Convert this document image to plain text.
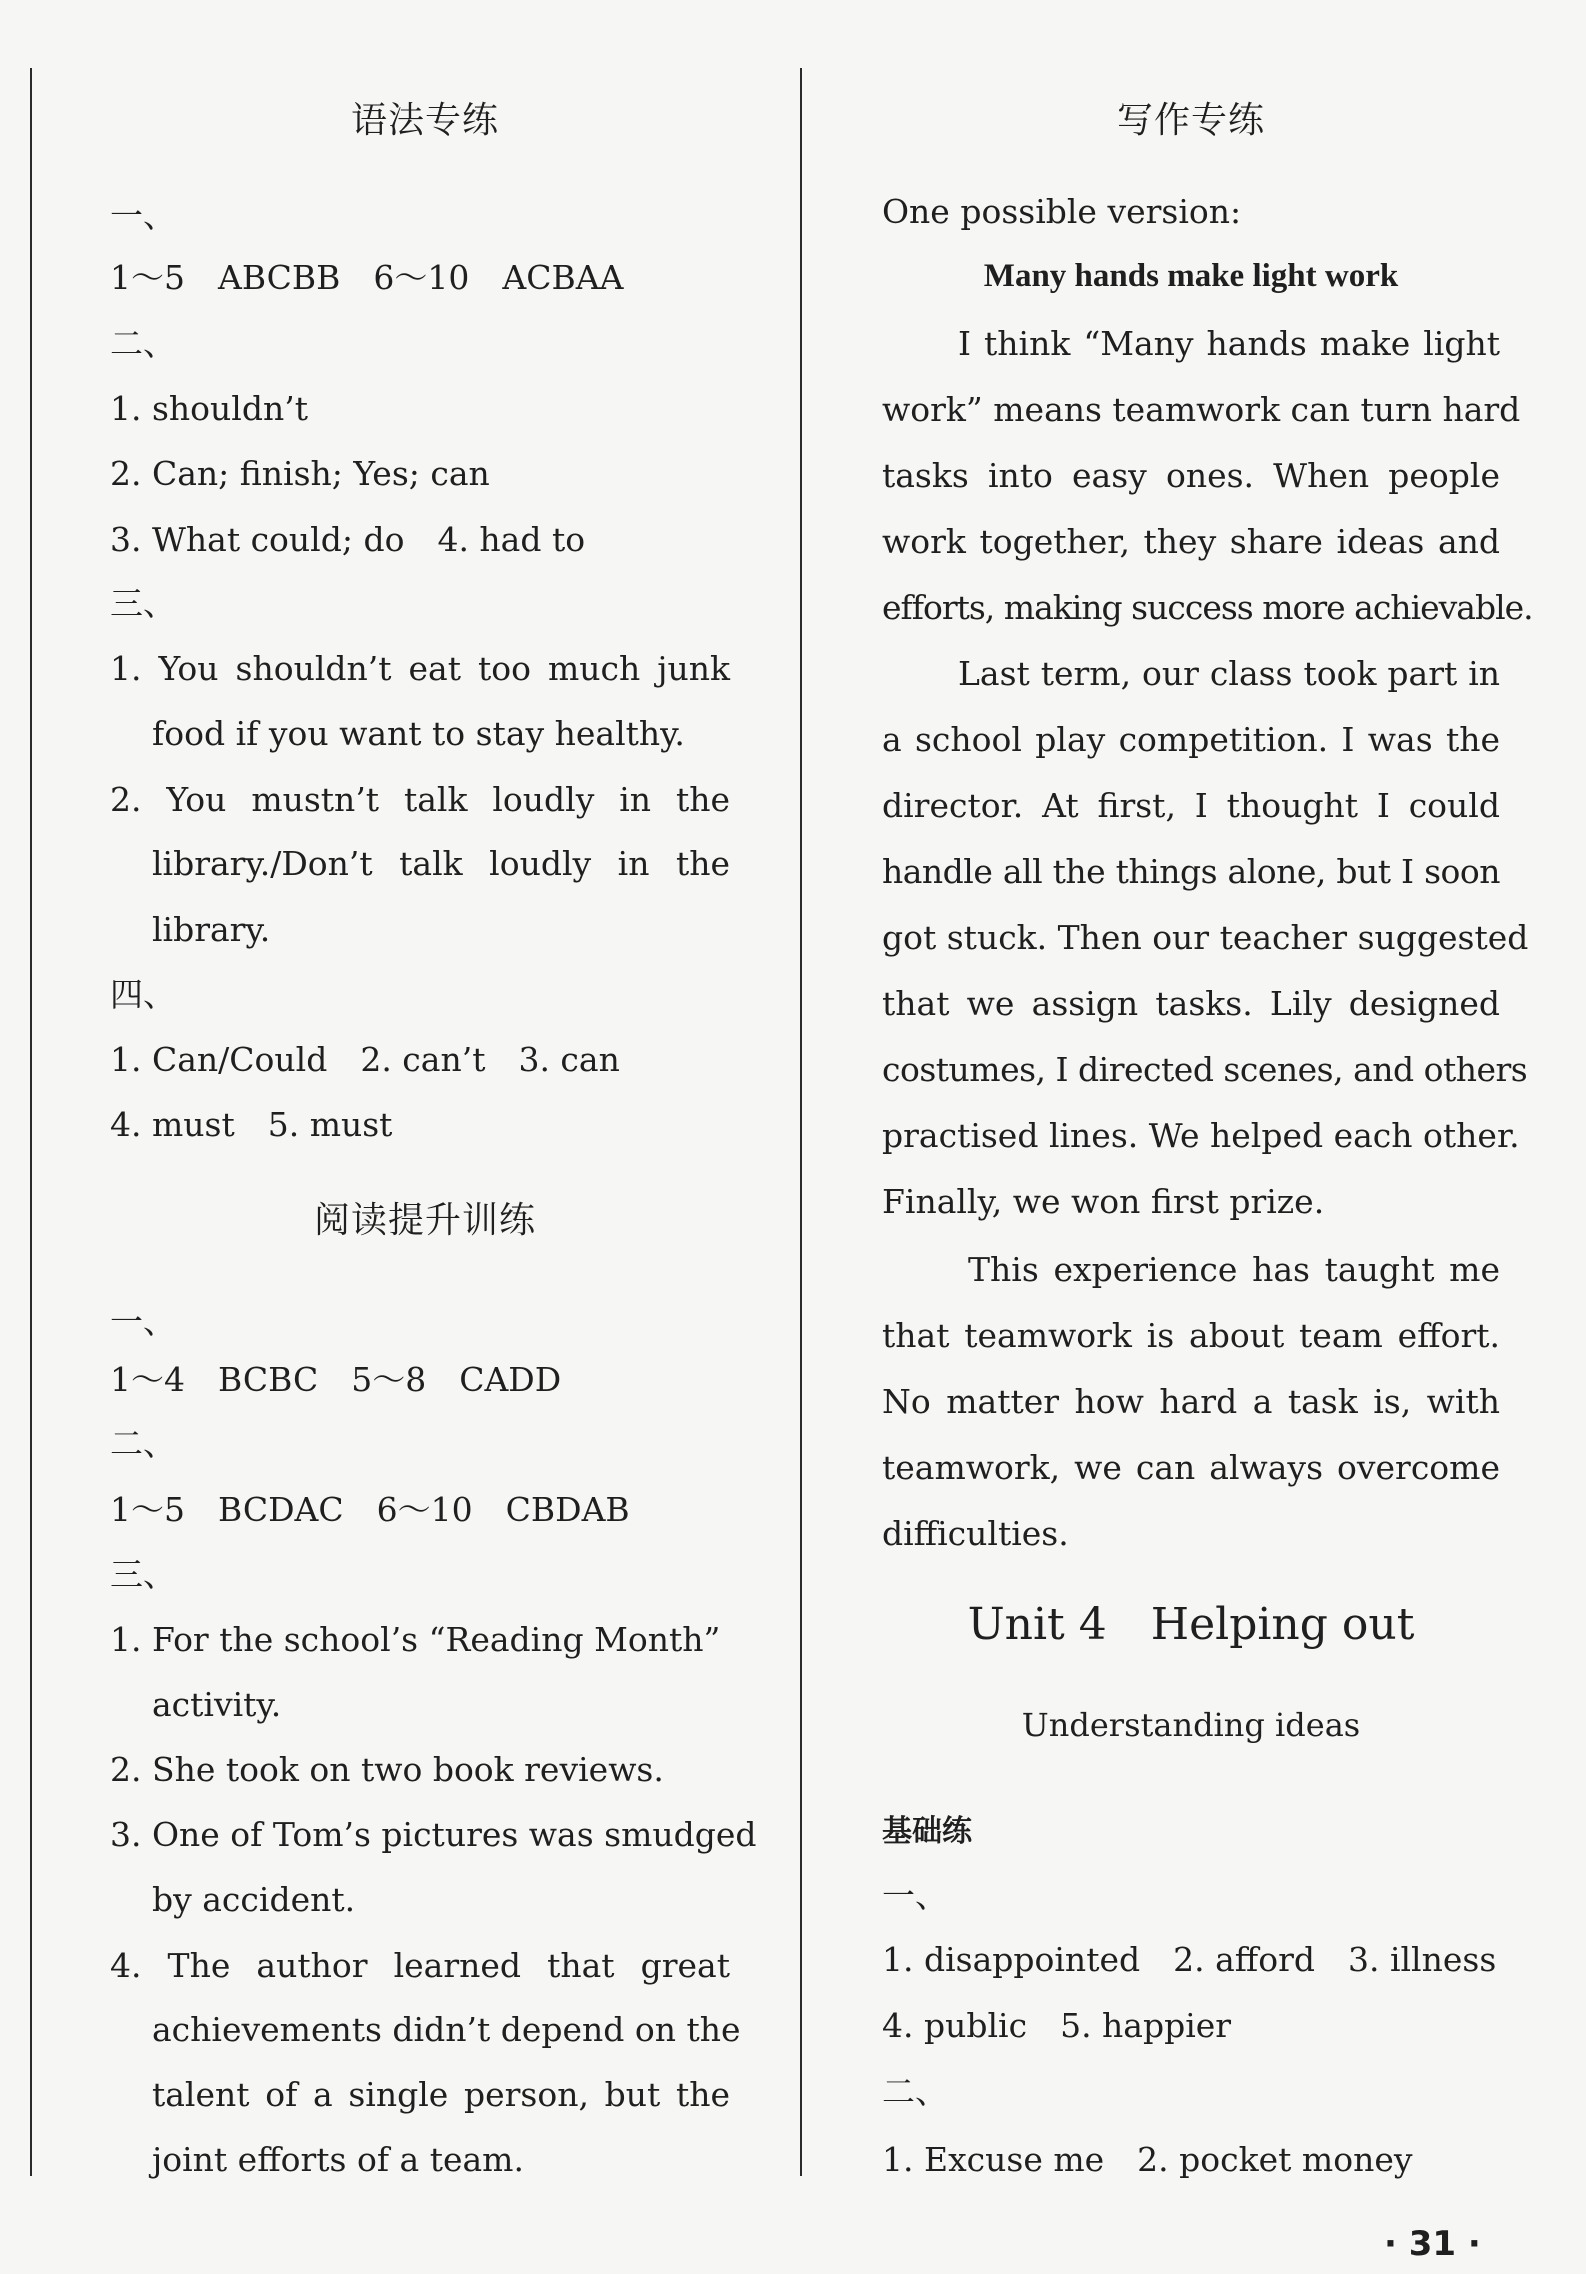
语法专练
一、
1～5　ABCBB　6～10　ACBAA
二、
1. shouldn’t
2. Can; finish; Yes; can
3. What could; do　4. had to
三、
1. You shouldn’t eat too much junk
food if you want to stay healthy.
2. You mustn’t talk loudly in the
library./Don’t talk loudly in the
library.
四、
1. Can/Could　2. can’t　3. can
4. must　5. must
阅读提升训练
一、
1～4　BCBC　5～8　CADD
二、
1～5　BCDAC　6～10　CBDAB
三、
1. For the school’s “Reading Month”
activity.
2. She took on two book reviews.
3. One of Tom’s pictures was smudged
by accident.
4. The author learned that great
achievements didn’t depend on the
talent of a single person, but the
joint efforts of a team.
写作专练
One possible version:
Many hands make light work
I think “Many hands make light
work” means teamwork can turn hard
tasks into easy ones. When people
work together, they share ideas and
efforts, making success more achievable.
Last term, our class took part in
a school play competition. I was the
director. At first, I thought I could
handle all the things alone, but I soon
got stuck. Then our teacher suggested
that we assign tasks. Lily designed
costumes, I directed scenes, and others
practised lines. We helped each other.
Finally, we won first prize.
This experience has taught me
that teamwork is about team effort.
No matter how hard a task is, with
teamwork, we can always overcome
difficulties.
Unit 4　Helping out
Understanding ideas
基础练
一、
1. disappointed　2. afford　3. illness
4. public　5. happier
二、
1. Excuse me　2. pocket money
· 31 ·
